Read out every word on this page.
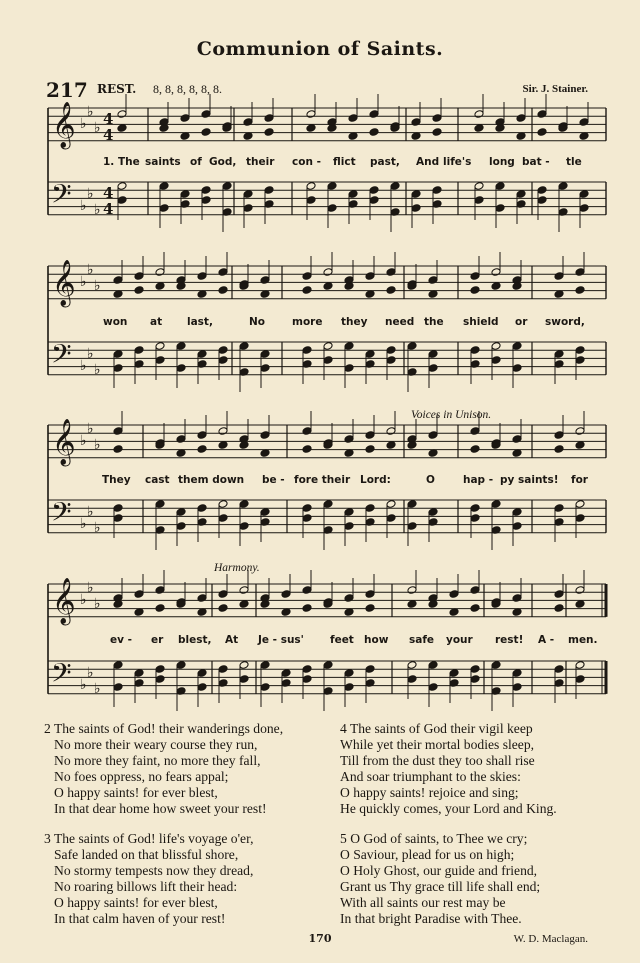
Communion of Saints.
217 REST. 8, 8, 8, 8, 8, 8.	Sir. J. Stainer.
𝄞
𝄢
♭
♭
♭
♭
♭
♭
4
4
4
4
𝄞
𝄢
♭
♭
♭
♭
♭
♭
𝄞
𝄢
♭
♭
♭
♭
♭
♭
𝄞
𝄢
♭
♭
♭
♭
♭
♭
Voices in Unison.
Harmony.
1. The saints of God, their con - flict past, And life's long bat - tle
won at last,	No	more they need the shield or sword,
They cast them down be - fore their Lord:	O	hap - py saints! for
ev - er blest, At Je - sus' feet how safe your rest! A - men.

2 The saints of God! their wanderings done,
No more their weary course they run,
No more they faint, no more they fall,
No foes oppress, no fears appal;
O happy saints! for ever blest,
In that dear home how sweet your rest!

3 The saints of God! life's voyage o'er,
Safe landed on that blissful shore,
No stormy tempests now they dread,
No roaring billows lift their head:
O happy saints! for ever blest,
In that calm haven of your rest!

4 The saints of God their vigil keep
While yet their mortal bodies sleep,
Till from the dust they too shall rise
And soar triumphant to the skies:
O happy saints! rejoice and sing;
He quickly comes, your Lord and King.

5 O God of saints, to Thee we cry;
O Saviour, plead for us on high;
O Holy Ghost, our guide and friend,
Grant us Thy grace till life shall end;
With all saints our rest may be
In that bright Paradise with Thee.

170	W. D. Maclagan.
